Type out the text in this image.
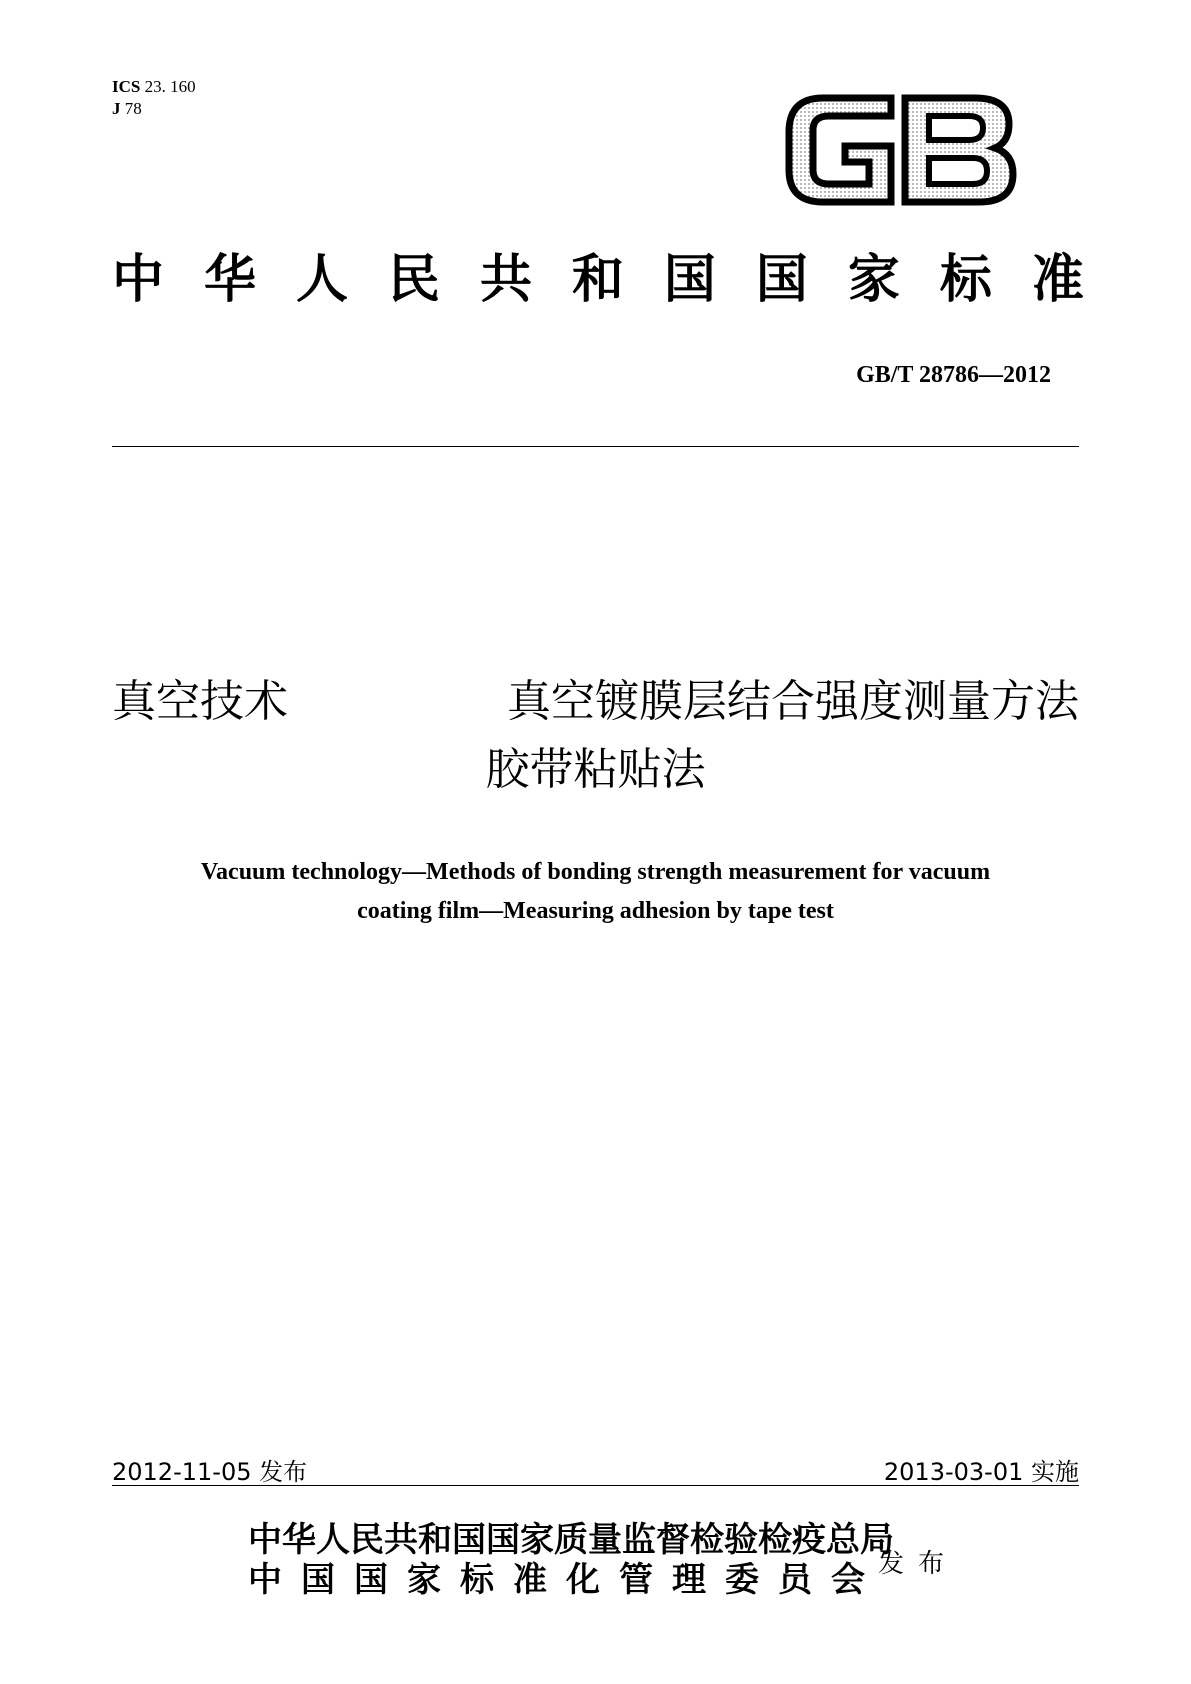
ICS 23. 160
J 78
中 华 人 民 共 和 国 国 家 标 准
GB/T 28786—2012
真空技术	真空镀膜层结合强度测量方法
胶带粘贴法
Vacuum technology—Methods of bonding strength measurement for vacuum
coating film—Measuring adhesion by tape test
2012-11-05 发布	2013-03-01 实施
中华人民共和国国家质量监督检验检疫总局
中国国家标准化管理委员会
发布
